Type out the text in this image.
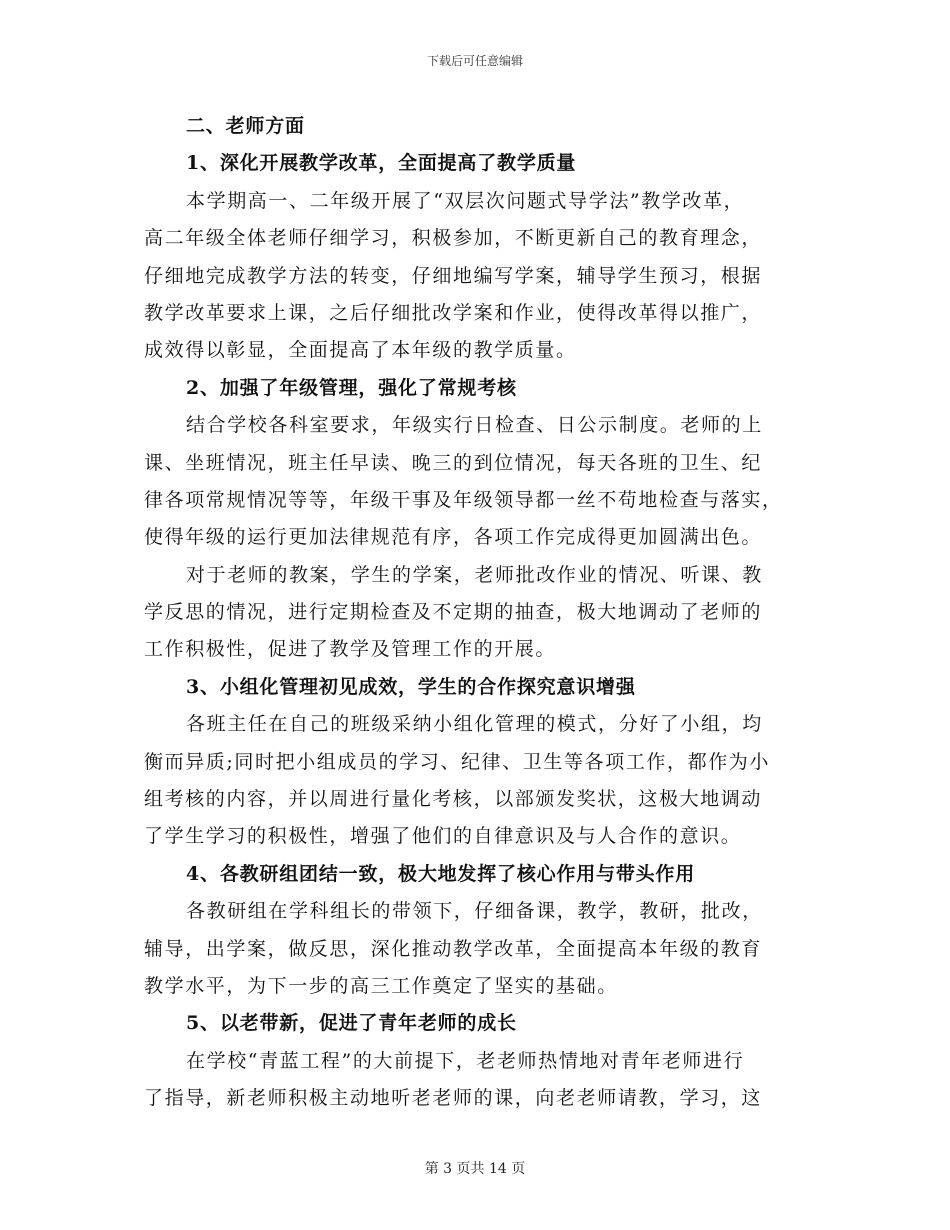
下载后可任意编辑
二、老师方面
1、深化开展教学改革，全面提高了教学质量
本学期高一、二年级开展了“双层次问题式导学法”教学改革，
高二年级全体老师仔细学习，积极参加，不断更新自己的教育理念，
仔细地完成教学方法的转变，仔细地编写学案，辅导学生预习，根据
教学改革要求上课，之后仔细批改学案和作业，使得改革得以推广，
成效得以彰显，全面提高了本年级的教学质量。
2、加强了年级管理，强化了常规考核
结合学校各科室要求，年级实行日检查、日公示制度。老师的上
课、坐班情况，班主任早读、晚三的到位情况，每天各班的卫生、纪
律各项常规情况等等，年级干事及年级领导都一丝不苟地检查与落实，
使得年级的运行更加法律规范有序，各项工作完成得更加圆满出色。
对于老师的教案，学生的学案，老师批改作业的情况、听课、教
学反思的情况，进行定期检查及不定期的抽查，极大地调动了老师的
工作积极性，促进了教学及管理工作的开展。
3、小组化管理初见成效，学生的合作探究意识增强
各班主任在自己的班级采纳小组化管理的模式，分好了小组，均
衡而异质;同时把小组成员的学习、纪律、卫生等各项工作，都作为小
组考核的内容，并以周进行量化考核，以部颁发奖状，这极大地调动
了学生学习的积极性，增强了他们的自律意识及与人合作的意识。
4、各教研组团结一致，极大地发挥了核心作用与带头作用
各教研组在学科组长的带领下，仔细备课，教学，教研，批改，
辅导，出学案，做反思，深化推动教学改革，全面提高本年级的教育
教学水平，为下一步的高三工作奠定了坚实的基础。
5、以老带新，促进了青年老师的成长
在学校“青蓝工程”的大前提下，老老师热情地对青年老师进行
了指导，新老师积极主动地听老老师的课，向老老师请教，学习，这
第 3 页共 14 页
